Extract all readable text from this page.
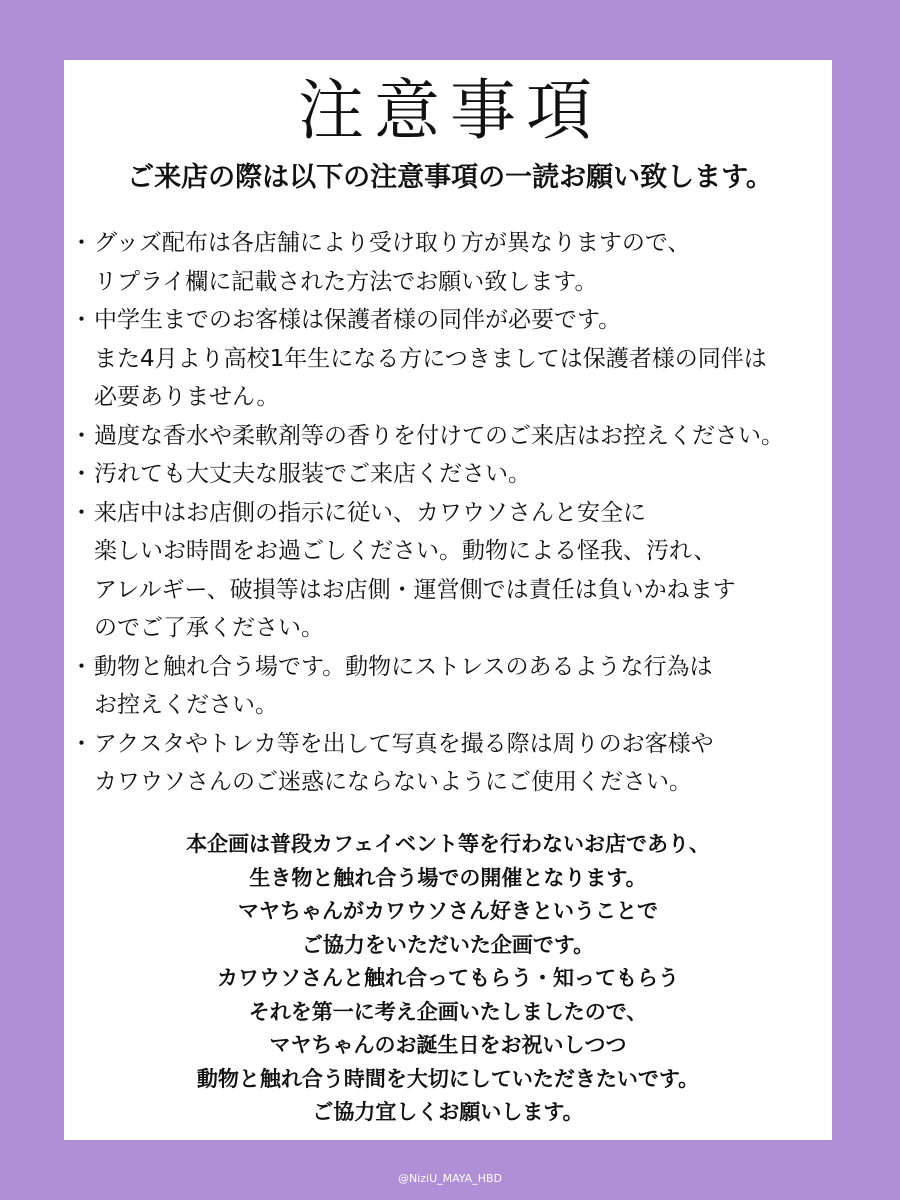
注意事項
ご来店の際は以下の注意事項の一読お願い致します。
・ グッズ配布は各店舗により受け取り方が異なりますので、
リプライ欄に記載された方法でお願い致します。
・ 中学生までのお客様は保護者様の同伴が必要です。
また4月より高校1年生になる方につきましては保護者様の同伴は
必要ありません。
・ 過度な香水や柔軟剤等の香りを付けてのご来店はお控えください。
・ 汚れても大丈夫な服装でご来店ください。
・ 来店中はお店側の指示に従い、カワウソさんと安全に
楽しいお時間をお過ごしください。動物による怪我、汚れ、
アレルギー、破損等はお店側・運営側では責任は負いかねます
のでご了承ください。
・ 動物と触れ合う場です。動物にストレスのあるような行為は
お控えください。
・ アクスタやトレカ等を出して写真を撮る際は周りのお客様や
カワウソさんのご迷惑にならないようにご使用ください。
本企画は普段カフェイベント等を行わないお店であり、
生き物と触れ合う場での開催となります。
マヤちゃんがカワウソさん好きということで
ご協力をいただいた企画です。
カワウソさんと触れ合ってもらう・知ってもらう
それを第一に考え企画いたしましたので、
マヤちゃんのお誕生日をお祝いしつつ
動物と触れ合う時間を大切にしていただきたいです。
ご協力宜しくお願いします。
@NiziU_MAYA_HBD
